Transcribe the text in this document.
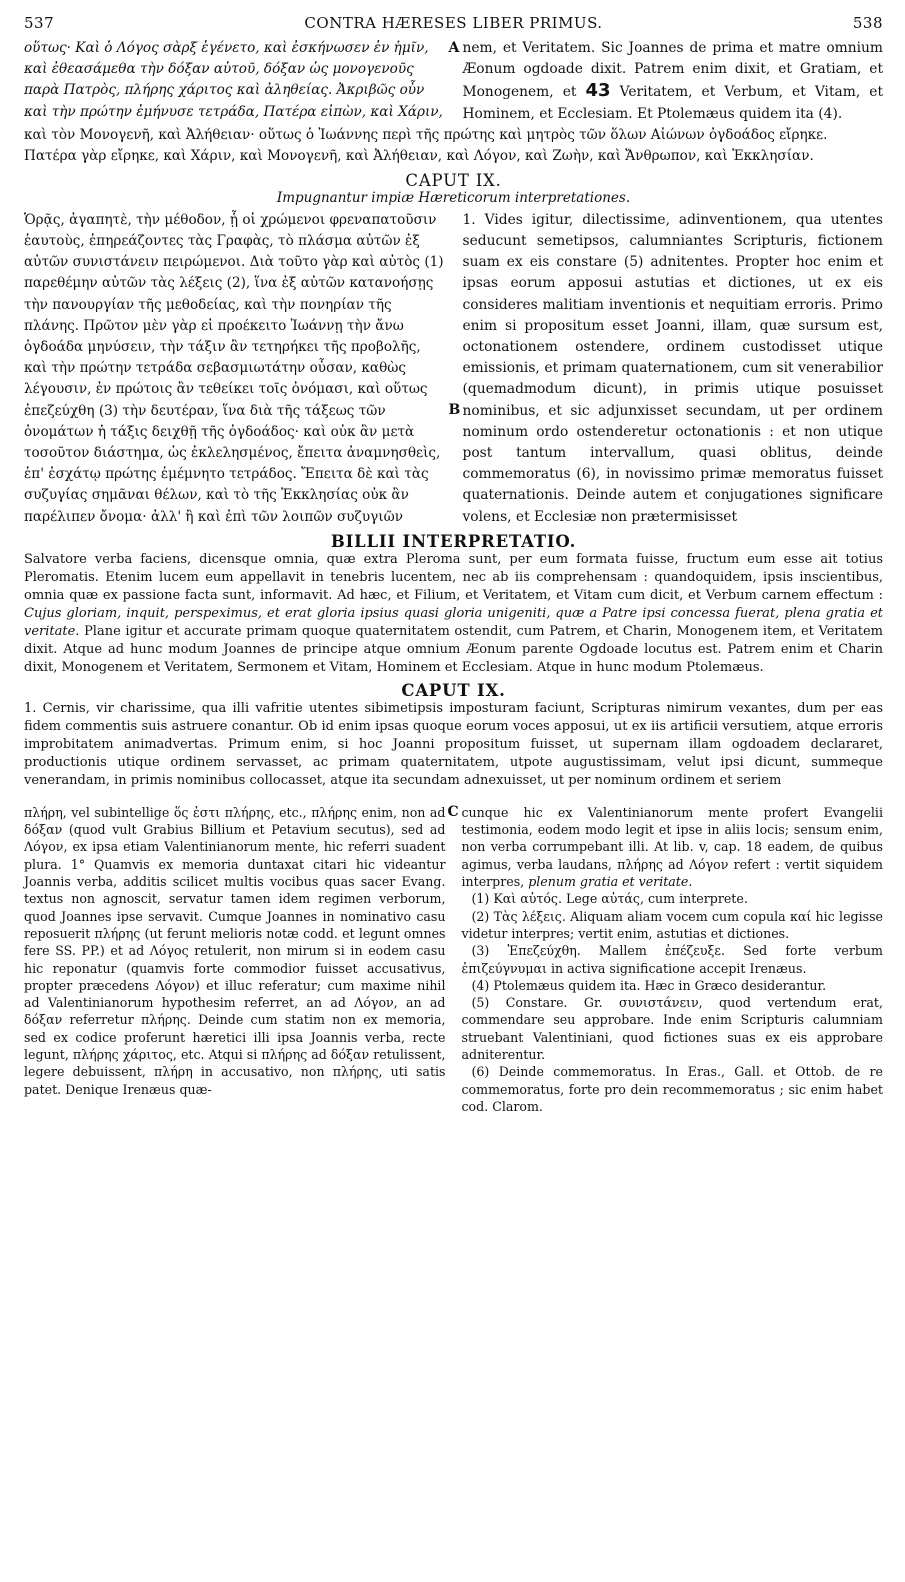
537	CONTRA HÆRESES LIBER PRIMUS.	538

οὕτως· Καὶ ὁ Λόγος σὰρξ ἐγένετο, καὶ ἐσκήνωσεν ἐν ἡμῖν, καὶ ἐθεασάμεθα τὴν δόξαν αὐτοῦ, δόξαν ὡς μονογενοῦς παρὰ Πατρὸς, πλήρης χάριτος καὶ ἀληθείας. Ἀκριβῶς οὖν καὶ τὴν πρώτην ἐμήνυσε τετράδα, Πατέρα εἰπὼν, καὶ Χάριν,

A nem, et Veritatem. Sic Joannes de prima et matre omnium Æonum ogdoade dixit. Patrem enim dixit, et Gratiam, et Monogenem, et 43 Veritatem, et Verbum, et Vitam, et Hominem, et Ecclesiam. Et Ptolemæus quidem ita (4).

καὶ τὸν Μονογενῆ, καὶ Ἀλήθειαν· οὕτως ὁ Ἰωάννης περὶ τῆς πρώτης καὶ μητρὸς τῶν ὅλων Αἰώνων ὀγδοάδος εἴρηκε. Πατέρα γὰρ εἴρηκε, καὶ Χάριν, καὶ Μονογενῆ, καὶ Ἀλήθειαν, καὶ Λόγον, καὶ Ζωὴν, καὶ Ἄνθρωπον, καὶ Ἐκκλησίαν.

CAPUT IX.
Impugnantur impiæ Hæreticorum interpretationes.

Ὁρᾷς, ἀγαπητὲ, τὴν μέθοδον, ᾗ οἱ χρώμενοι φρεναπατοῦσιν ἑαυτοὺς, ἐπηρεάζοντες τὰς Γραφὰς, τὸ πλάσμα αὐτῶν ἐξ αὐτῶν συνιστάνειν πειρώμενοι. Διὰ τοῦτο γὰρ καὶ αὐτὸς (1) παρεθέμην αὐτῶν τὰς λέξεις (2), ἵνα ἐξ αὐτῶν κατανοήσῃς τὴν πανουργίαν τῆς μεθοδείας, καὶ τὴν πονηρίαν τῆς πλάνης. Πρῶτον μὲν γὰρ εἰ προέκειτο Ἰωάννῃ τὴν ἄνω ὀγδοάδα μηνύσειν, τὴν τάξιν ἂν τετηρήκει τῆς προβολῆς, καὶ τὴν πρώτην τετράδα σεβασμιωτάτην οὖσαν, καθὼς λέγουσιν, ἐν πρώτοις ἂν τεθείκει τοῖς ὀνόμασι, καὶ οὕτως ἐπεζεύχθη (3) τὴν δευτέραν, ἵνα διὰ τῆς τάξεως τῶν ὀνομάτων ἡ τάξις δειχθῇ τῆς ὀγδοάδος· καὶ οὐκ ἂν μετὰ τοσοῦτον διάστημα, ὡς ἐκλελησμένος, ἔπειτα ἀναμνησθεὶς, ἐπ' ἐσχάτῳ πρώτης ἐμέμνητο τετράδος. Ἔπειτα δὲ καὶ τὰς συζυγίας σημᾶναι θέλων, καὶ τὸ τῆς Ἐκκλησίας οὐκ ἂν παρέλιπεν ὄνομα· ἀλλ' ἢ καὶ ἐπὶ τῶν λοιπῶν συζυγιῶν

B

1. Vides igitur, dilectissime, adinventionem, qua utentes seducunt semetipsos, calumniantes Scripturis, fictionem suam ex eis constare (5) adnitentes. Propter hoc enim et ipsas eorum apposui astutias et dictiones, ut ex eis consideres malitiam inventionis et nequitiam erroris. Primo enim si propositum esset Joanni, illam, quæ sursum est, octonationem ostendere, ordinem custodisset utique emissionis, et primam quaternationem, cum sit venerabilior (quemadmodum dicunt), in primis utique posuisset nominibus, et sic adjunxisset secundam, ut per ordinem nominum ordo ostenderetur octonationis : et non utique post tantum intervallum, quasi oblitus, deinde commemoratus (6), in novissimo primæ memoratus fuisset quaternationis. Deinde autem et conjugationes significare volens, et Ecclesiæ non prætermisisset

BILLII INTERPRETATIO.

Salvatore verba faciens, dicensque omnia, quæ extra Pleroma sunt, per eum formata fuisse, fructum eum esse ait totius Pleromatis. Etenim lucem eum appellavit in tenebris lucentem, nec ab iis comprehensam : quandoquidem, ipsis inscientibus, omnia quæ ex passione facta sunt, informavit. Ad hæc, et Filium, et Veritatem, et Vitam cum dicit, et Verbum carnem effectum : Cujus gloriam, inquit, perspeximus, et erat gloria ipsius quasi gloria unigeniti, quæ a Patre ipsi concessa fuerat, plena gratia et veritate. Plane igitur et accurate primam quoque quaternitatem ostendit, cum Patrem, et Charin, Monogenem item, et Veritatem dixit. Atque ad hunc modum Joannes de principe atque omnium Æonum parente Ogdoade locutus est. Patrem enim et Charin dixit, Monogenem et Veritatem, Sermonem et Vitam, Hominem et Ecclesiam. Atque in hunc modum Ptolemæus.

CAPUT IX.

1. Cernis, vir charissime, qua illi vafritie utentes sibimetipsis imposturam faciunt, Scripturas nimirum vexantes, dum per eas fidem commentis suis astruere conantur. Ob id enim ipsas quoque eorum voces apposui, ut ex iis artificii versutiem, atque erroris improbitatem animadvertas. Primum enim, si hoc Joanni propositum fuisset, ut supernam illam ogdoadem declararet, productionis utique ordinem servasset, ac primam quaternitatem, utpote augustissimam, velut ipsi dicunt, summeque venerandam, in primis nominibus collocasset, atque ita secundam adnexuisset, ut per nominum ordinem et seriem

πλήρη, vel subintellige ὅς ἐστι πλήρης, etc., πλήρης enim, non ad δόξαν (quod vult Grabius Billium et Petavium secutus), sed ad Λόγον, ex ipsa etiam Valentinianorum mente, hic referri suadent plura. 1° Quamvis ex memoria duntaxat citari hic videantur Joannis verba, additis scilicet multis vocibus quas sacer Evang. textus non agnoscit, servatur tamen idem regimen verborum, quod Joannes ipse servavit. Cumque Joannes in nominativo casu reposuerit πλήρης (ut ferunt melioris notæ codd. et legunt omnes fere SS. PP.) et ad Λόγος retulerit, non mirum si in eodem casu hic reponatur (quamvis forte commodior fuisset accusativus, propter præcedens Λόγον) et illuc referatur; cum maxime nihil ad Valentinianorum hypothesim referret, an ad Λόγον, an ad δόξαν referretur πλήρης. Deinde cum statim non ex memoria, sed ex codice proferunt hæretici illi ipsa Joannis verba, recte legunt, πλήρης χάριτος, etc. Atqui si πλήρης ad δόξαν retulissent, legere debuissent, πλήρη in accusativo, non πλήρης, uti satis patet. Denique Irenæus quæ-

C cunque hic ex Valentinianorum mente profert Evangelii testimonia, eodem modo legit et ipse in aliis locis; sensum enim, non verba corrumpebant illi. At lib. v, cap. 18 eadem, de quibus agimus, verba laudans, πλήρης ad Λόγον refert : vertit siquidem interpres, plenum gratia et veritate.

(1) Καὶ αὐτός. Lege αὐτάς, cum interprete.

(2) Τὰς λέξεις. Aliquam aliam vocem cum copula καί hic legisse videtur interpres; vertit enim, astutias et dictiones.

(3) Ἐπεζεύχθη. Mallem ἐπέζευξε. Sed forte verbum ἐπιζεύγνυμαι in activa significatione accepit Irenæus.

(4) Ptolemæus quidem ita. Hæc in Græco desiderantur.

(5) Constare. Gr. συνιστάνειν, quod vertendum erat, commendare seu approbare. Inde enim Scripturis calumniam struebant Valentiniani, quod fictiones suas ex eis approbare adniterentur.

(6) Deinde commemoratus. In Eras., Gall. et Ottob. de re commemoratus, forte pro dein recommemoratus ; sic enim habet cod. Clarom.
